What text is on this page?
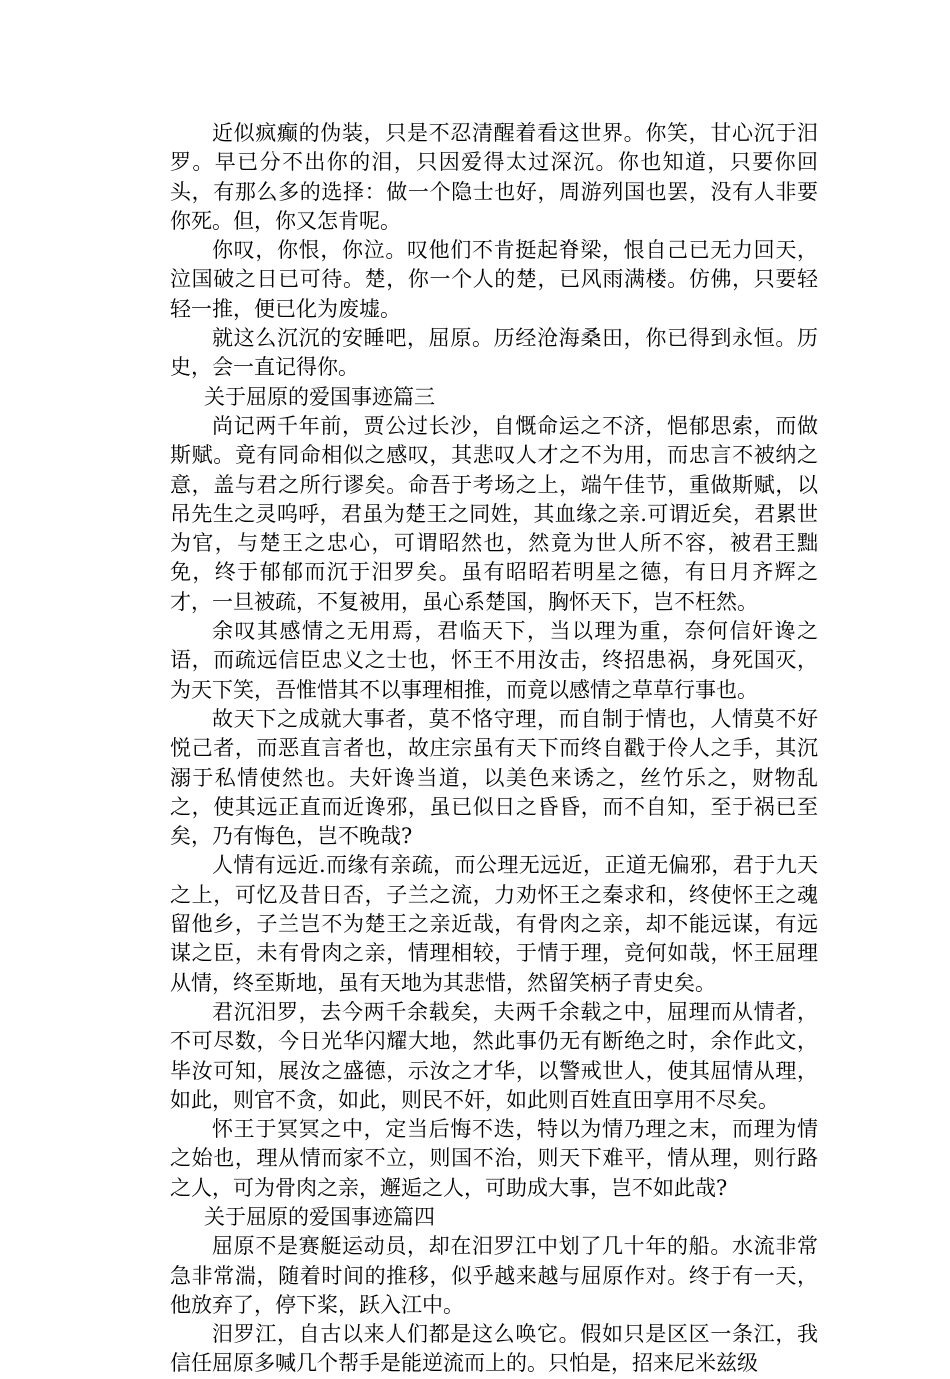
近似疯癫的伪装，只是不忍清醒着看这世界。你笑，甘心沉于汨罗。早已分不出你的泪，只因爱得太过深沉。你也知道，只要你回头，有那么多的选择：做一个隐士也好，周游列国也罢，没有人非要你死。但，你又怎肯呢。

你叹，你恨，你泣。叹他们不肯挺起脊梁，恨自己已无力回天，泣国破之日已可待。楚，你一个人的楚，已风雨满楼。仿佛，只要轻轻一推，便已化为废墟。

就这么沉沉的安睡吧，屈原。历经沧海桑田，你已得到永恒。历史，会一直记得你。

关于屈原的爱国事迹篇三

尚记两千年前，贾公过长沙，自慨命运之不济，悒郁思索，而做斯赋。竟有同命相似之感叹，其悲叹人才之不为用，而忠言不被纳之意，盖与君之所行谬矣。命吾于考场之上，端午佳节，重做斯赋，以吊先生之灵呜呼，君虽为楚王之同姓，其血缘之亲.可谓近矣，君累世为官，与楚王之忠心，可谓昭然也，然竟为世人所不容，被君王黜免，终于郁郁而沉于汨罗矣。虽有昭昭若明星之德，有日月齐辉之才，一旦被疏，不复被用，虽心系楚国，胸怀天下，岂不枉然。

余叹其感情之无用焉，君临天下，当以理为重，奈何信奸谗之语，而疏远信臣忠义之士也，怀王不用汝击，终招患祸，身死国灭，为天下笑，吾惟惜其不以事理相推，而竟以感情之草草行事也。

故天下之成就大事者，莫不恪守理，而自制于情也，人情莫不好悦己者，而恶直言者也，故庄宗虽有天下而终自戳于伶人之手，其沉溺于私情使然也。夫奸谗当道，以美色来诱之，丝竹乐之，财物乱之，使其远正直而近谗邪，虽已似日之昏昏，而不自知，至于祸已至矣，乃有悔色，岂不晚哉?

人情有远近.而缘有亲疏，而公理无远近，正道无偏邪，君于九天之上，可忆及昔日否，子兰之流，力劝怀王之秦求和，终使怀王之魂留他乡，子兰岂不为楚王之亲近哉，有骨肉之亲，却不能远谋，有远谋之臣，未有骨肉之亲，情理相较，于情于理，竞何如哉，怀王屈理从情，终至斯地，虽有天地为其悲惜，然留笑柄子青史矣。

君沉汨罗，去今两千余载矣，夫两千余载之中，屈理而从情者，不可尽数，今日光华闪耀大地，然此事仍无有断绝之时，余作此文，毕汝可知，展汝之盛德，示汝之才华，以警戒世人，使其屈情从理，如此，则官不贪，如此，则民不奸，如此则百姓直田享用不尽矣。

怀王于冥冥之中，定当后悔不迭，特以为情乃理之末，而理为情之始也，理从情而家不立，则国不治，则天下难平，情从理，则行路之人，可为骨肉之亲，邂逅之人，可助成大事，岂不如此哉?

关于屈原的爱国事迹篇四

屈原不是赛艇运动员，却在汨罗江中划了几十年的船。水流非常急非常湍，随着时间的推移，似乎越来越与屈原作对。终于有一天，他放弃了，停下桨，跃入江中。

汨罗江，自古以来人们都是这么唤它。假如只是区区一条江，我信任屈原多喊几个帮手是能逆流而上的。只怕是，招来尼米兹级
